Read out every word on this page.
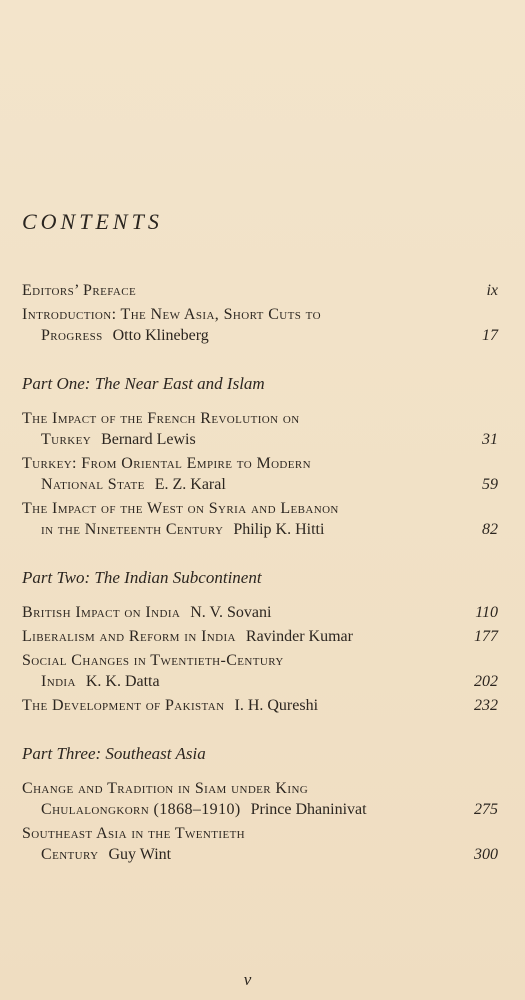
CONTENTS
Editors’ Preface	ix
Introduction: The New Asia, Short Cuts to
Progress Otto Klineberg	17
Part One: The Near East and Islam
The Impact of the French Revolution on
Turkey Bernard Lewis	31
Turkey: From Oriental Empire to Modern
National State E. Z. Karal	59
The Impact of the West on Syria and Lebanon
in the Nineteenth Century Philip K. Hitti	82
Part Two: The Indian Subcontinent
British Impact on India N. V. Sovani	110
Liberalism and Reform in India Ravinder Kumar	177
Social Changes in Twentieth-Century
India K. K. Datta	202
The Development of Pakistan I. H. Qureshi	232
Part Three: Southeast Asia
Change and Tradition in Siam under King
Chulalongkorn (1868–1910) Prince Dhaninivat	275
Southeast Asia in the Twentieth
Century Guy Wint	300
v
